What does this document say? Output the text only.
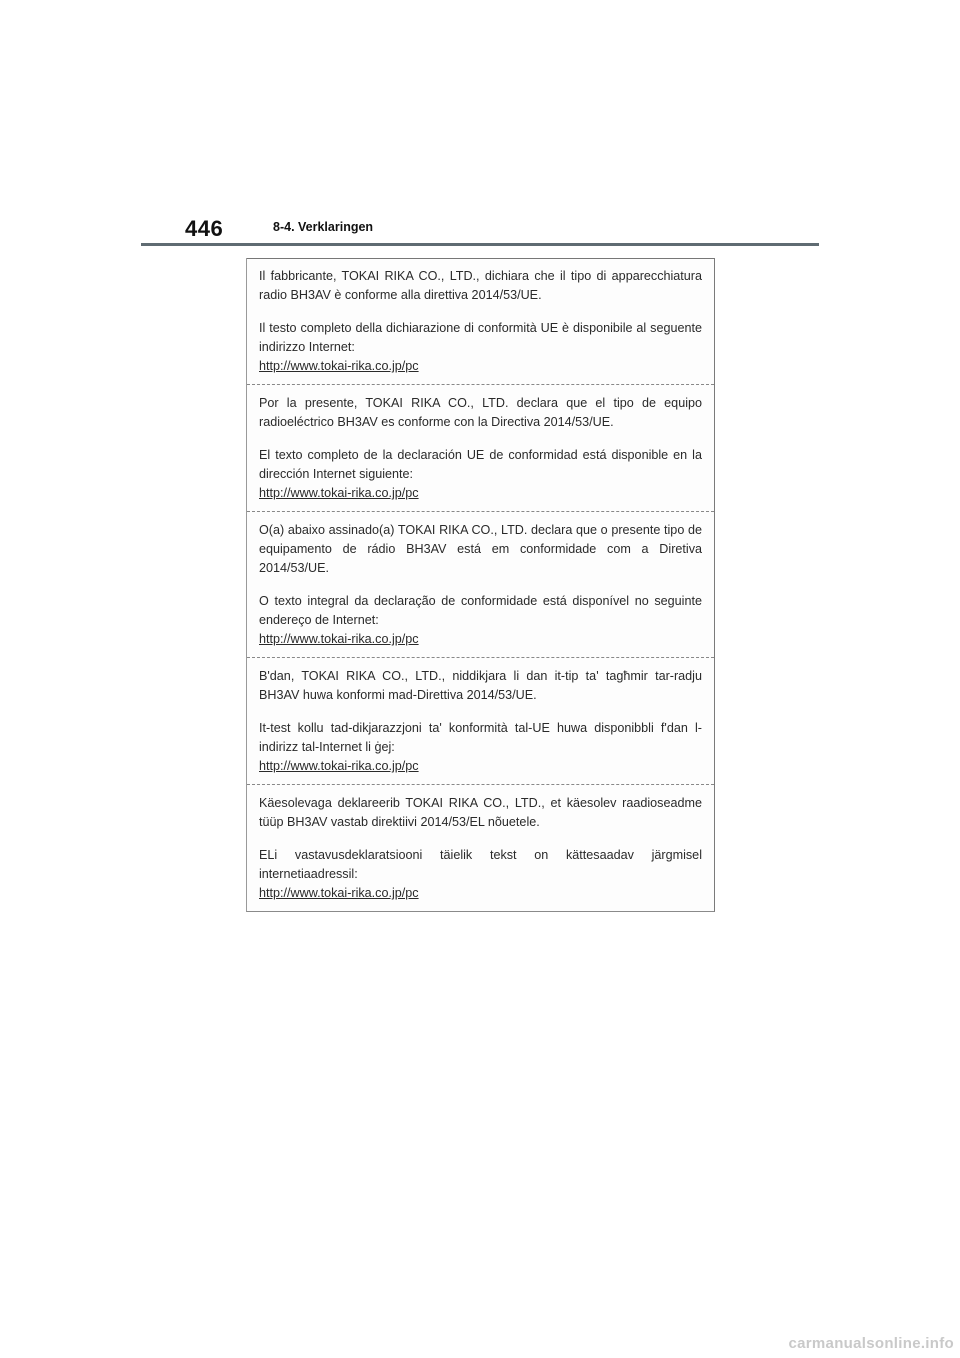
446	8-4. Verklaringen

Il fabbricante, TOKAI RIKA CO., LTD., dichiara che il tipo di apparecchiatura radio BH3AV è conforme alla direttiva 2014/53/UE.

Il testo completo della dichiarazione di conformità UE è disponibile al seguente indirizzo Internet:

http://www.tokai-rika.co.jp/pc

Por la presente, TOKAI RIKA CO., LTD. declara que el tipo de equipo radioeléctrico BH3AV es conforme con la Directiva 2014/53/UE.

El texto completo de la declaración UE de conformidad está disponible en la dirección Internet siguiente:

http://www.tokai-rika.co.jp/pc

O(a) abaixo assinado(a) TOKAI RIKA CO., LTD. declara que o presente tipo de equipamento de rádio BH3AV está em conformidade com a Diretiva 2014/53/UE.

O texto integral da declaração de conformidade está disponível no seguinte endereço de Internet:

http://www.tokai-rika.co.jp/pc

B'dan, TOKAI RIKA CO., LTD., niddikjara li dan it-tip ta' tagħmir tar-radju BH3AV huwa konformi mad-Direttiva 2014/53/UE.

It-test kollu tad-dikjarazzjoni ta' konformità tal-UE huwa disponibbli f'dan l-indirizz tal-Internet li ġej:

http://www.tokai-rika.co.jp/pc

Käesolevaga deklareerib TOKAI RIKA CO., LTD., et käesolev raadioseadme tüüp BH3AV vastab direktiivi 2014/53/EL nõuetele.

ELi vastavusdeklaratsiooni täielik tekst on kättesaadav järgmisel internetiaadressil:

http://www.tokai-rika.co.jp/pc
carmanualsonline.info
